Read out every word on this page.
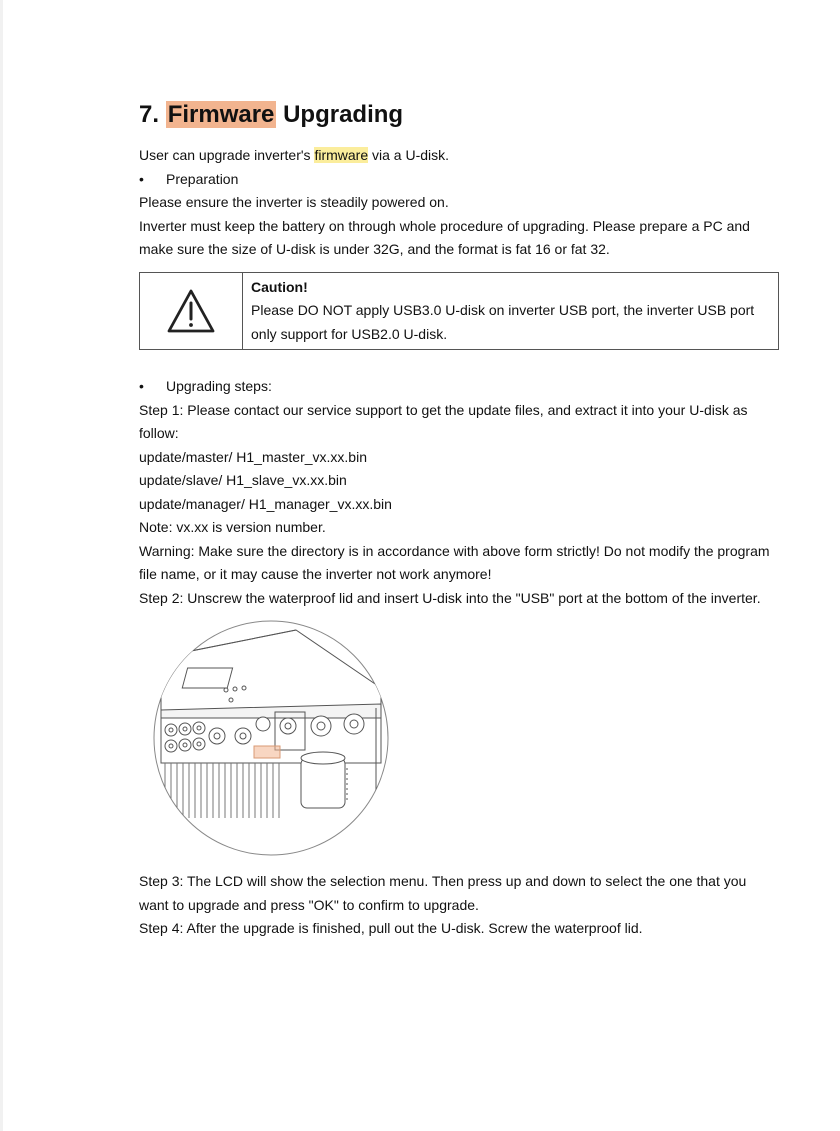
7. Firmware Upgrading

User can upgrade inverter's firmware via a U-disk.

• Preparation

Please ensure the inverter is steadily powered on.

Inverter must keep the battery on through whole procedure of upgrading. Please prepare a PC and make sure the size of U-disk is under 32G, and the format is fat 16 or fat 32.

Caution!

Please DO NOT apply USB3.0 U-disk on inverter USB port, the inverter USB port only support for USB2.0 U-disk.

• Upgrading steps:

Step 1: Please contact our service support to get the update files, and extract it into your U-disk as follow:

update/master/ H1_master_vx.xx.bin

update/slave/ H1_slave_vx.xx.bin

update/manager/ H1_manager_vx.xx.bin

Note: vx.xx is version number.

Warning: Make sure the directory is in accordance with above form strictly! Do not modify the program file name, or it may cause the inverter not work anymore!

Step 2: Unscrew the waterproof lid and insert U-disk into the "USB" port at the bottom of the inverter.

Step 3: The LCD will show the selection menu. Then press up and down to select the one that you want to upgrade and press "OK" to confirm to upgrade.

Step 4: After the upgrade is finished, pull out the U-disk. Screw the waterproof lid.
